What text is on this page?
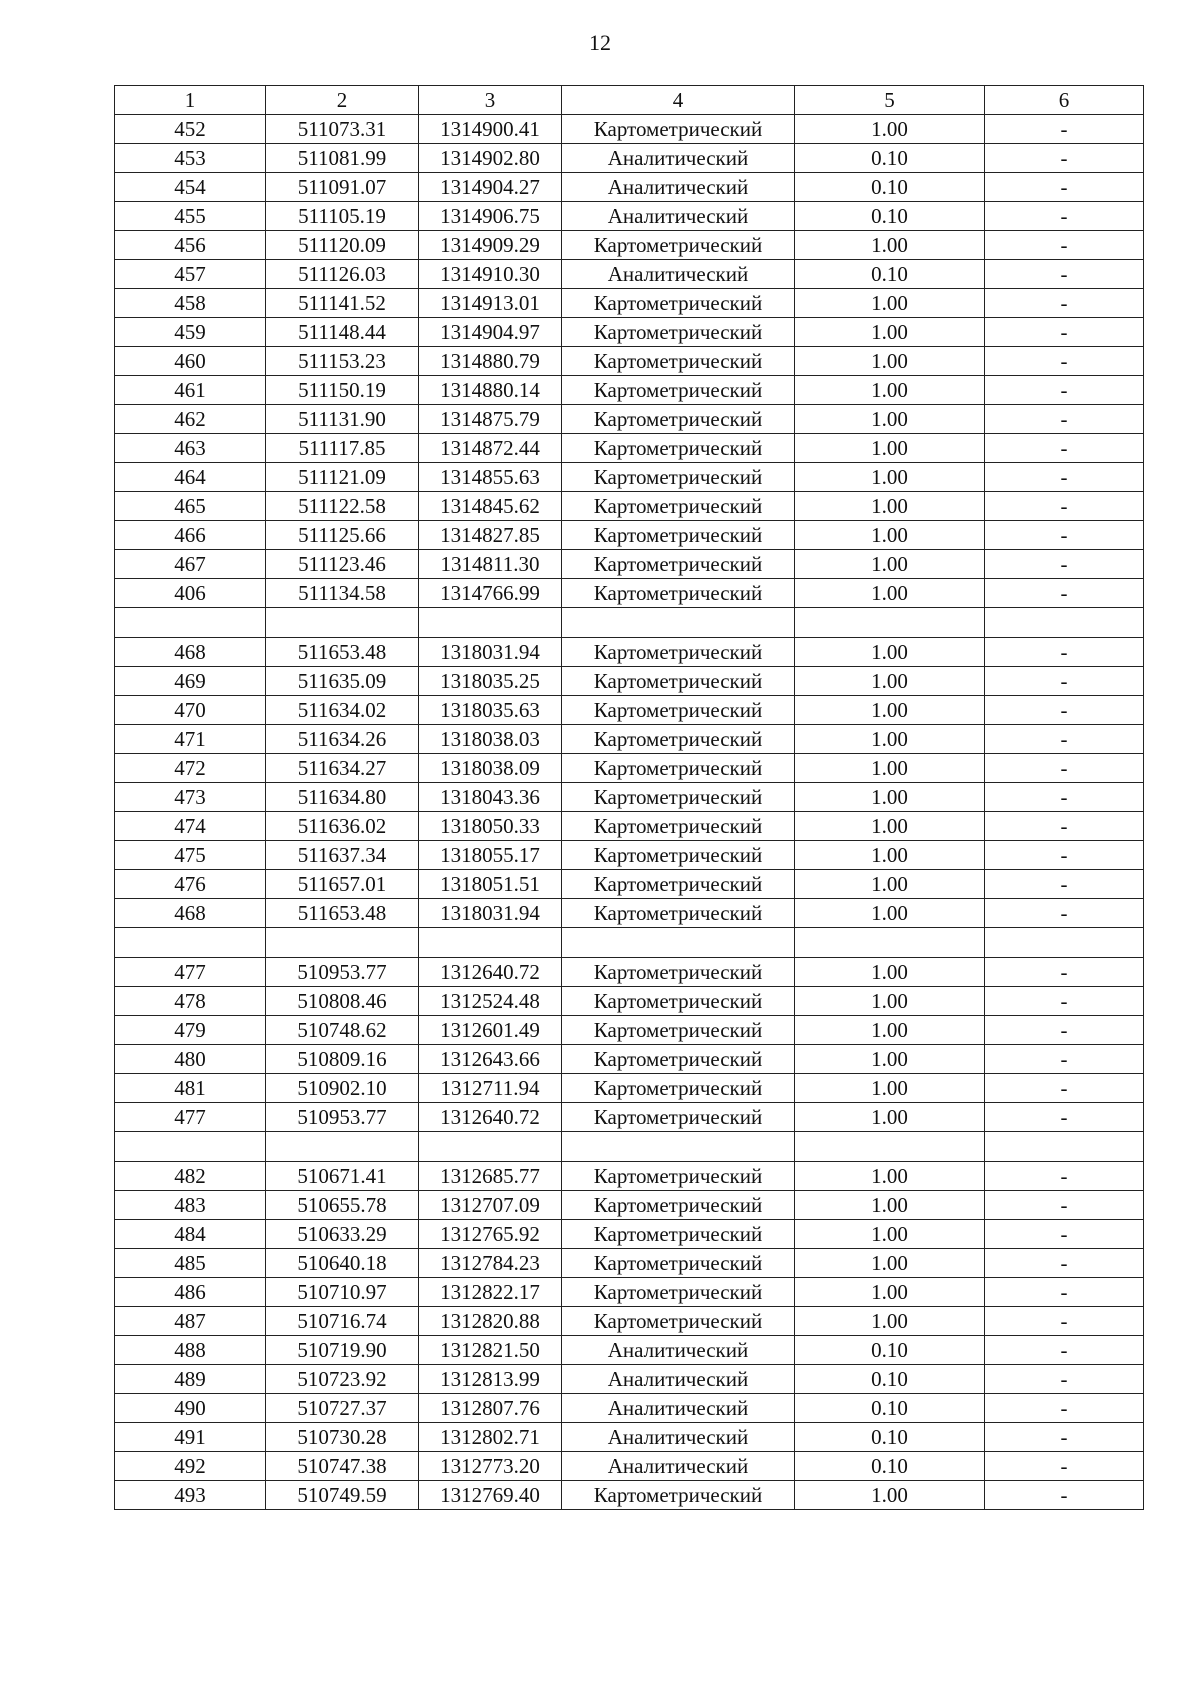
12
1	2	3	4	5	6
452	511073.31	1314900.41	Картометрический	1.00	-
453	511081.99	1314902.80	Аналитический	0.10	-
454	511091.07	1314904.27	Аналитический	0.10	-
455	511105.19	1314906.75	Аналитический	0.10	-
456	511120.09	1314909.29	Картометрический	1.00	-
457	511126.03	1314910.30	Аналитический	0.10	-
458	511141.52	1314913.01	Картометрический	1.00	-
459	511148.44	1314904.97	Картометрический	1.00	-
460	511153.23	1314880.79	Картометрический	1.00	-
461	511150.19	1314880.14	Картометрический	1.00	-
462	511131.90	1314875.79	Картометрический	1.00	-
463	511117.85	1314872.44	Картометрический	1.00	-
464	511121.09	1314855.63	Картометрический	1.00	-
465	511122.58	1314845.62	Картометрический	1.00	-
466	511125.66	1314827.85	Картометрический	1.00	-
467	511123.46	1314811.30	Картометрический	1.00	-
406	511134.58	1314766.99	Картометрический	1.00	-

468	511653.48	1318031.94	Картометрический	1.00	-
469	511635.09	1318035.25	Картометрический	1.00	-
470	511634.02	1318035.63	Картометрический	1.00	-
471	511634.26	1318038.03	Картометрический	1.00	-
472	511634.27	1318038.09	Картометрический	1.00	-
473	511634.80	1318043.36	Картометрический	1.00	-
474	511636.02	1318050.33	Картометрический	1.00	-
475	511637.34	1318055.17	Картометрический	1.00	-
476	511657.01	1318051.51	Картометрический	1.00	-
468	511653.48	1318031.94	Картометрический	1.00	-

477	510953.77	1312640.72	Картометрический	1.00	-
478	510808.46	1312524.48	Картометрический	1.00	-
479	510748.62	1312601.49	Картометрический	1.00	-
480	510809.16	1312643.66	Картометрический	1.00	-
481	510902.10	1312711.94	Картометрический	1.00	-
477	510953.77	1312640.72	Картометрический	1.00	-

482	510671.41	1312685.77	Картометрический	1.00	-
483	510655.78	1312707.09	Картометрический	1.00	-
484	510633.29	1312765.92	Картометрический	1.00	-
485	510640.18	1312784.23	Картометрический	1.00	-
486	510710.97	1312822.17	Картометрический	1.00	-
487	510716.74	1312820.88	Картометрический	1.00	-
488	510719.90	1312821.50	Аналитический	0.10	-
489	510723.92	1312813.99	Аналитический	0.10	-
490	510727.37	1312807.76	Аналитический	0.10	-
491	510730.28	1312802.71	Аналитический	0.10	-
492	510747.38	1312773.20	Аналитический	0.10	-
493	510749.59	1312769.40	Картометрический	1.00	-
